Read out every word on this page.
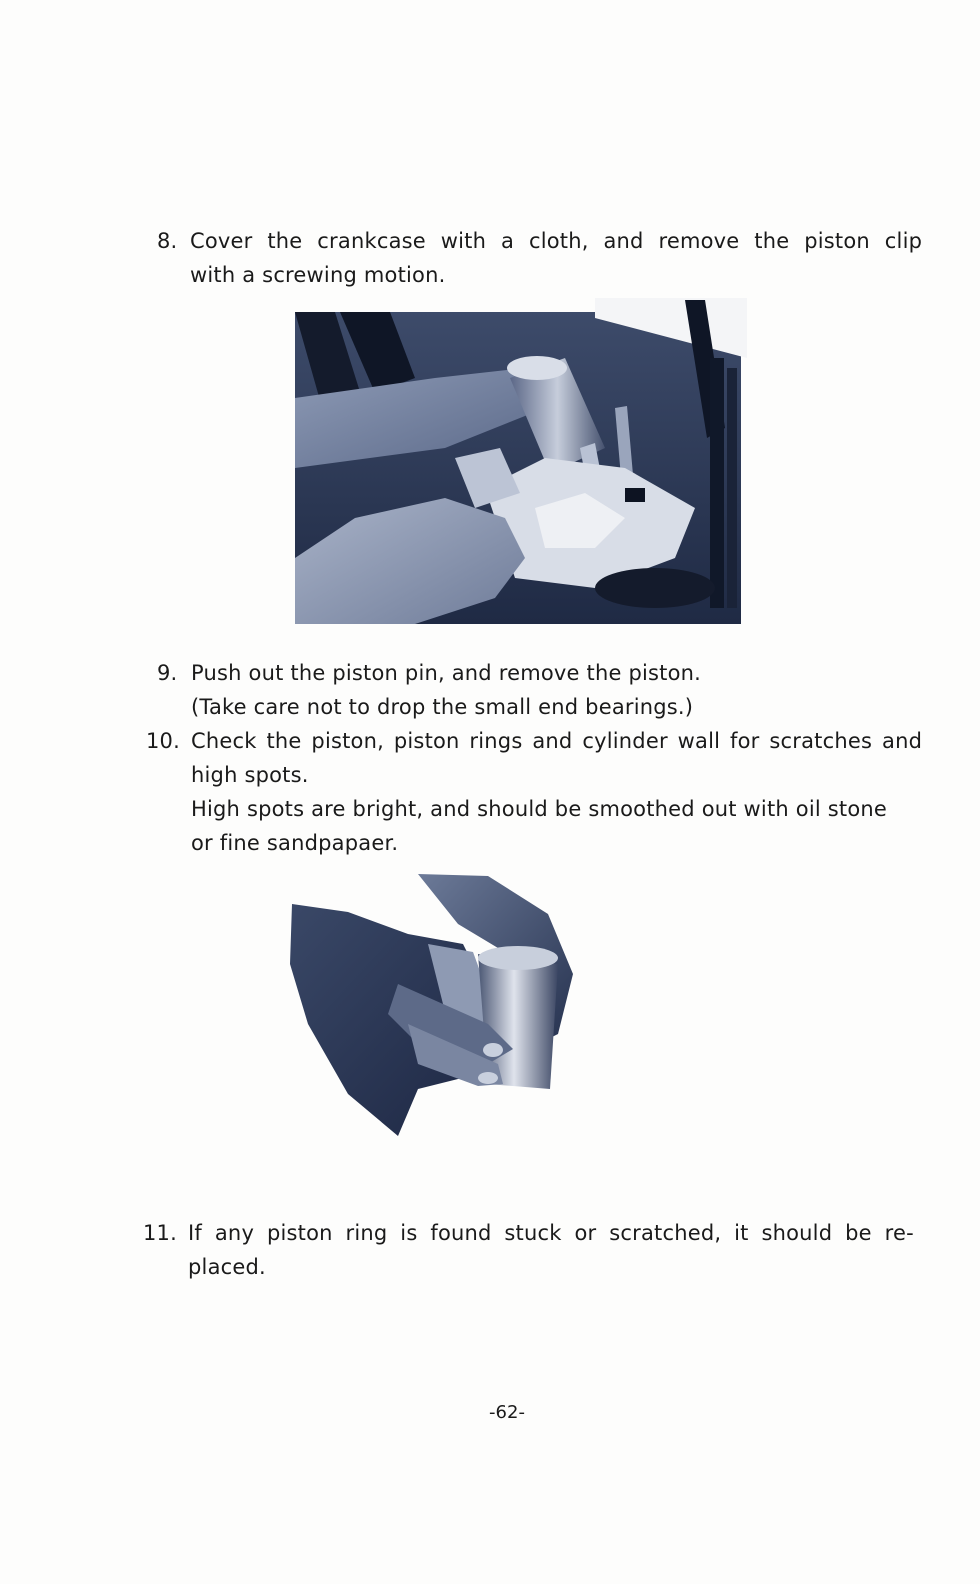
8. Cover the crankcase with a cloth, and remove the piston clip
with a screwing motion.
9. Push out the piston pin, and remove the piston.
(Take care not to drop the small end bearings.)
10. Check the piston, piston rings and cylinder wall for scratches and
high spots.
High spots are bright, and should be smoothed out with oil stone
or fine sandpapaer.
11. If any piston ring is found stuck or scratched, it should be re-
placed.
-62-
